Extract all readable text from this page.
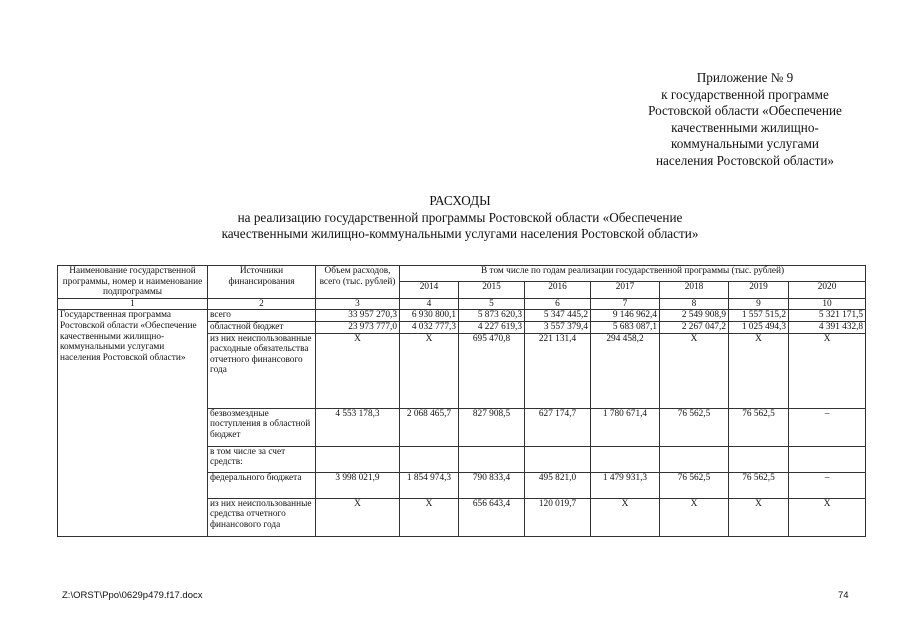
Приложение № 9
к государственной программе
Ростовской области «Обеспечение
качественными жилищно-
коммунальными услугами
населения Ростовской области»
РАСХОДЫ
на реализацию государственной программы Ростовской области «Обеспечение
качественными жилищно-коммунальными услугами населения Ростовской области»
Наименование государственной программы, номер и наименование подпрограммы	Источники финансирования	Объем расходов, всего (тыс. рублей)	В том числе по годам реализации государственной программы (тыс. рублей)						
			2014	2015	2016	2017	2018	2019	2020
1	2	3	4	5	6	7	8	9	10
Государственная программа Ростовской области «Обеспечение качественными жилищно-коммунальными услугами населения Ростовской области»	всего	33 957 270,3	6 930 800,1	5 873 620,3	5 347 445,2	9 146 962,4	2 549 908,9	1 557 515,2	5 321 171,5
	областной бюджет	23 973 777,0	4 032 777,3	4 227 619,3	3 557 379,4	5 683 087,1	2 267 047,2	1 025 494,3	4 391 432,8
	из них неиспользованные расходные обязательства отчетного финансового года	X	X	695 470,8	221 131,4	294 458,2	X	X	X
	безвозмездные поступления в областной бюджет	4 553 178,3	2 068 465,7	827 908,5	627 174,7	1 780 671,4	76 562,5	76 562,5	–
	в том числе за счет средств:								
	федерального бюджета	3 998 021,9	1 854 974,3	790 833,4	495 821,0	1 479 931,3	76 562,5	76 562,5	–
	из них неиспользованные средства отчетного финансового года	X	X	656 643,4	120 019,7	X	X	X	X
Z:\ORST\Ppo\0629p479.f17.docx	74
